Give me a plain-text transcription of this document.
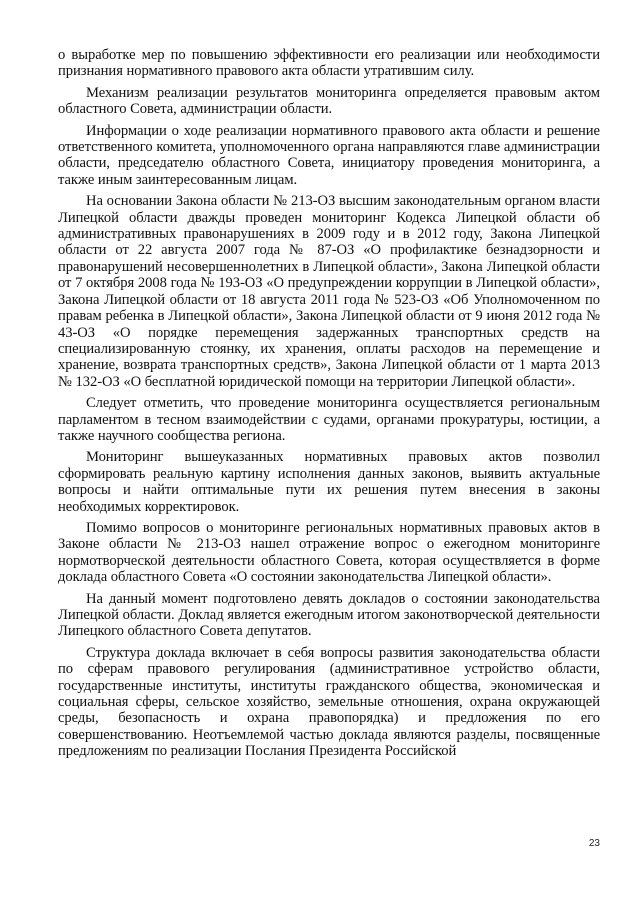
о выработке мер по повышению эффективности его реализации или необходимости признания нормативного правового акта области утратившим силу.

Механизм реализации результатов мониторинга определяется правовым актом областного Совета, администрации области.

Информации о ходе реализации нормативного правового акта области и решение ответственного комитета, уполномоченного органа направляются главе администрации области, председателю областного Совета, инициатору проведения мониторинга, а также иным заинтересованным лицам.

На основании Закона области № 213-ОЗ высшим законодательным органом власти Липецкой области дважды проведен мониторинг Кодекса Липецкой области об административных правонарушениях в 2009 году и в 2012 году, Закона Липецкой области от 22 августа 2007 года № 87-ОЗ «О профилактике безнадзорности и правонарушений несовершеннолетних в Липецкой области», Закона Липецкой области от 7 октября 2008 года № 193-ОЗ «О предупреждении коррупции в Липецкой области», Закона Липецкой области от 18 августа 2011 года № 523-ОЗ «Об Уполномоченном по правам ребенка в Липецкой области», Закона Липецкой области от 9 июня 2012 года № 43-ОЗ «О порядке перемещения задержанных транспортных средств на специализированную стоянку, их хранения, оплаты расходов на перемещение и хранение, возврата транспортных средств», Закона Липецкой области от 1 марта 2013 № 132-ОЗ «О бесплатной юридической помощи на территории Липецкой области».

Следует отметить, что проведение мониторинга осуществляется региональным парламентом в тесном взаимодействии с судами, органами прокуратуры, юстиции, а также научного сообщества региона.

Мониторинг вышеуказанных нормативных правовых актов позволил сформировать реальную картину исполнения данных законов, выявить актуальные вопросы и найти оптимальные пути их решения путем внесения в законы необходимых корректировок.

Помимо вопросов о мониторинге региональных нормативных правовых актов в Законе области № 213-ОЗ нашел отражение вопрос о ежегодном мониторинге нормотворческой деятельности областного Совета, которая осуществляется в форме доклада областного Совета «О состоянии законодательства Липецкой области».

На данный момент подготовлено девять докладов о состоянии законодательства Липецкой области. Доклад является ежегодным итогом законотворческой деятельности Липецкого областного Совета депутатов.

Структура доклада включает в себя вопросы развития законодательства области по сферам правового регулирования (административное устройство области, государственные институты, институты гражданского общества, экономическая и социальная сферы, сельское хозяйство, земельные отношения, охрана окружающей среды, безопасность и охрана правопорядка) и предложения по его совершенствованию. Неотъемлемой частью доклада являются разделы, посвященные предложениям по реализации Послания Президента Российской

23
